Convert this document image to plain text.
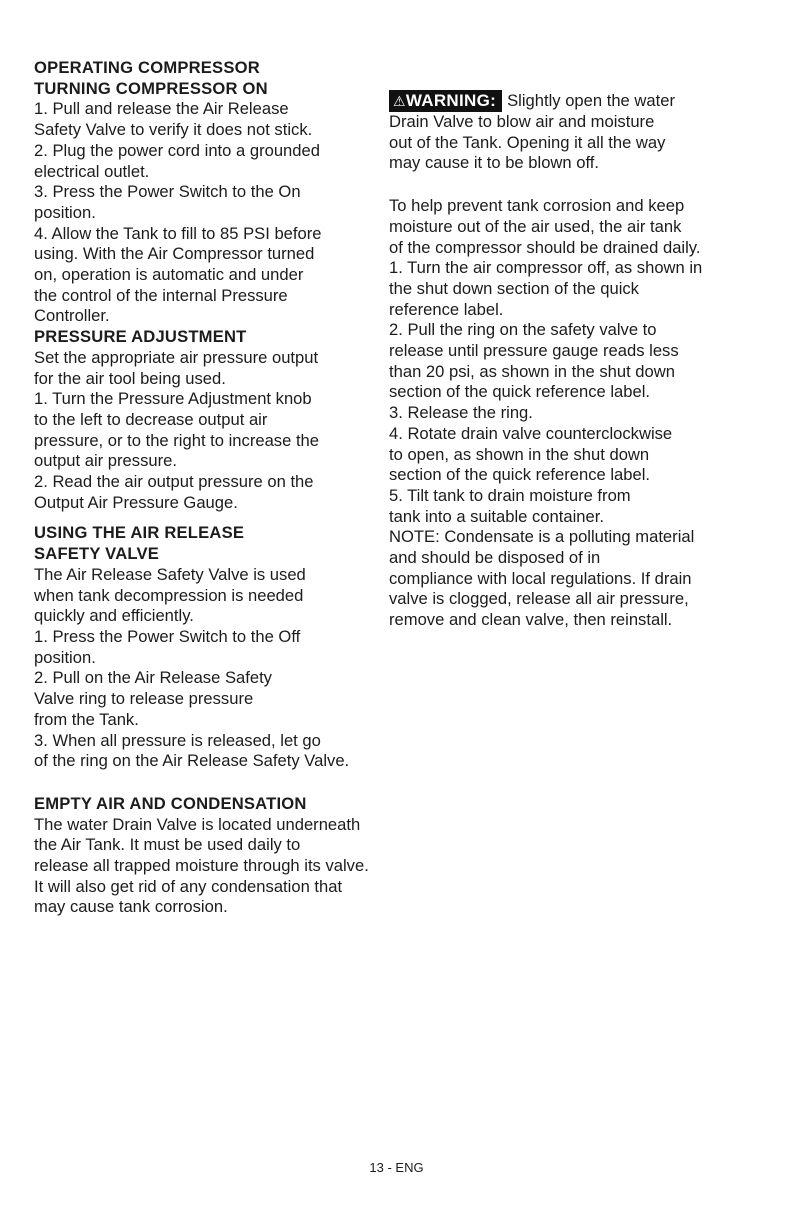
OPERATING COMPRESSOR
TURNING COMPRESSOR ON
1. Pull and release the Air Release
Safety Valve to verify it does not stick.
2. Plug the power cord into a grounded
electrical outlet.
3. Press the Power Switch to the On
position.
4. Allow the Tank to fill to 85 PSI before
using. With the Air Compressor turned
on, operation is automatic and under
the control of the internal Pressure
Controller.
PRESSURE ADJUSTMENT
Set the appropriate air pressure output
for the air tool being used.
1. Turn the Pressure Adjustment knob
to the left to decrease output air
pressure, or to the right to increase the
output air pressure.
2. Read the air output pressure on the
Output Air Pressure Gauge.
USING THE AIR RELEASE
SAFETY VALVE
The Air Release Safety Valve is used
when tank decompression is needed
quickly and efficiently.
1. Press the Power Switch to the Off
position.
2. Pull on the Air Release Safety
Valve ring to release pressure
from the Tank.
3. When all pressure is released, let go
of the ring on the Air Release Safety Valve.
EMPTY AIR AND CONDENSATION
The water Drain Valve is located underneath
the Air Tank. It must be used daily to
release all trapped moisture through its valve.
It will also get rid of any condensation that
may cause tank corrosion.
⚠WARNING: Slightly open the water
Drain Valve to blow air and moisture
out of the Tank. Opening it all the way
may cause it to be blown off.
To help prevent tank corrosion and keep
moisture out of the air used, the air tank
of the compressor should be drained daily.
1. Turn the air compressor off, as shown in
the shut down section of the quick
reference label.
2. Pull the ring on the safety valve to
release until pressure gauge reads less
than 20 psi, as shown in the shut down
section of the quick reference label.
3. Release the ring.
4. Rotate drain valve counterclockwise
to open, as shown in the shut down
section of the quick reference label.
5. Tilt tank to drain moisture from
tank into a suitable container.
NOTE: Condensate is a polluting material
and should be disposed of in
compliance with local regulations. If drain
valve is clogged, release all air pressure,
remove and clean valve, then reinstall.
13 - ENG
